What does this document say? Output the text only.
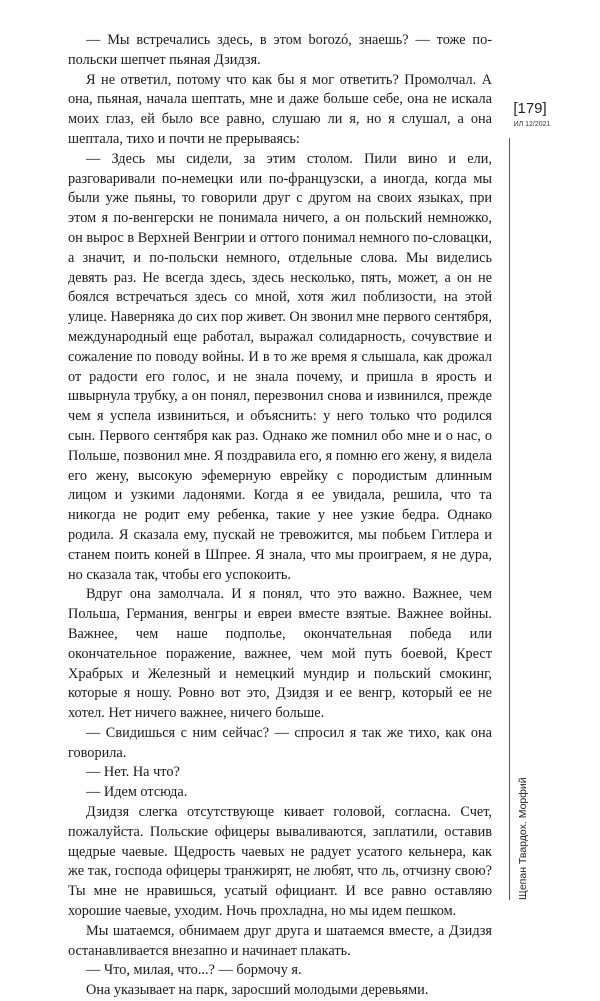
— Мы встречались здесь, в этом borozó, знаешь? — тоже по-польски шепчет пьяная Дзидзя.

Я не ответил, потому что как бы я мог ответить? Промолчал. А она, пьяная, начала шептать, мне и даже больше себе, она не искала моих глаз, ей было все равно, слушаю ли я, но я слушал, а она шептала, тихо и почти не прерываясь:

— Здесь мы сидели, за этим столом. Пили вино и ели, разговаривали по-немецки или по-французски, а иногда, когда мы были уже пьяны, то говорили друг с другом на своих языках, при этом я по-венгерски не понимала ничего, а он польский немножко, он вырос в Верхней Венгрии и оттого понимал немного по-словацки, а значит, и по-польски немного, отдельные слова. Мы виделись девять раз. Не всегда здесь, здесь несколько, пять, может, а он не боялся встречаться здесь со мной, хотя жил поблизости, на этой улице. Наверняка до сих пор живет. Он звонил мне первого сентября, международный еще работал, выражал солидарность, сочувствие и сожаление по поводу войны. И в то же время я слышала, как дрожал от радости его голос, и не знала почему, и пришла в ярость и швырнула трубку, а он понял, перезвонил снова и извинился, прежде чем я успела извиниться, и объяснить: у него только что родился сын. Первого сентября как раз. Однако же помнил обо мне и о нас, о Польше, позвонил мне. Я поздравила его, я помню его жену, я видела его жену, высокую эфемерную еврейку с породистым длинным лицом и узкими ладонями. Когда я ее увидала, решила, что та никогда не родит ему ребенка, такие у нее узкие бедра. Однако родила. Я сказала ему, пускай не тревожится, мы побьем Гитлера и станем поить коней в Шпрее. Я знала, что мы проиграем, я не дура, но сказала так, чтобы его успокоить.

Вдруг она замолчала. И я понял, что это важно. Важнее, чем Польша, Германия, венгры и евреи вместе взятые. Важнее войны. Важнее, чем наше подполье, окончательная победа или окончательное поражение, важнее, чем мой путь боевой, Крест Храбрых и Железный и немецкий мундир и польский смокинг, которые я ношу. Ровно вот это, Дзидзя и ее венгр, который ее не хотел. Нет ничего важнее, ничего больше.

— Свидишься с ним сейчас? — спросил я так же тихо, как она говорила.

— Нет. На что?

— Идем отсюда.

Дзидзя слегка отсутствующе кивает головой, согласна. Счет, пожалуйста. Польские офицеры вываливаются, заплатили, оставив щедрые чаевые. Щедрость чаевых не радует усатого кельнера, как же так, господа офицеры транжирят, не любят, что ль, отчизну свою? Ты мне не нравишься, усатый официант. И все равно оставляю хорошие чаевые, уходим. Ночь прохладна, но мы идем пешком.

Мы шатаемся, обнимаем друг друга и шатаемся вместе, а Дзидзя останавливается внезапно и начинает плакать.

— Что, милая, что...? — бормочу я.

Она указывает на парк, заросший молодыми деревьями.

[179]
ИЛ 12/2021
Щепан Твардох. Морфий
